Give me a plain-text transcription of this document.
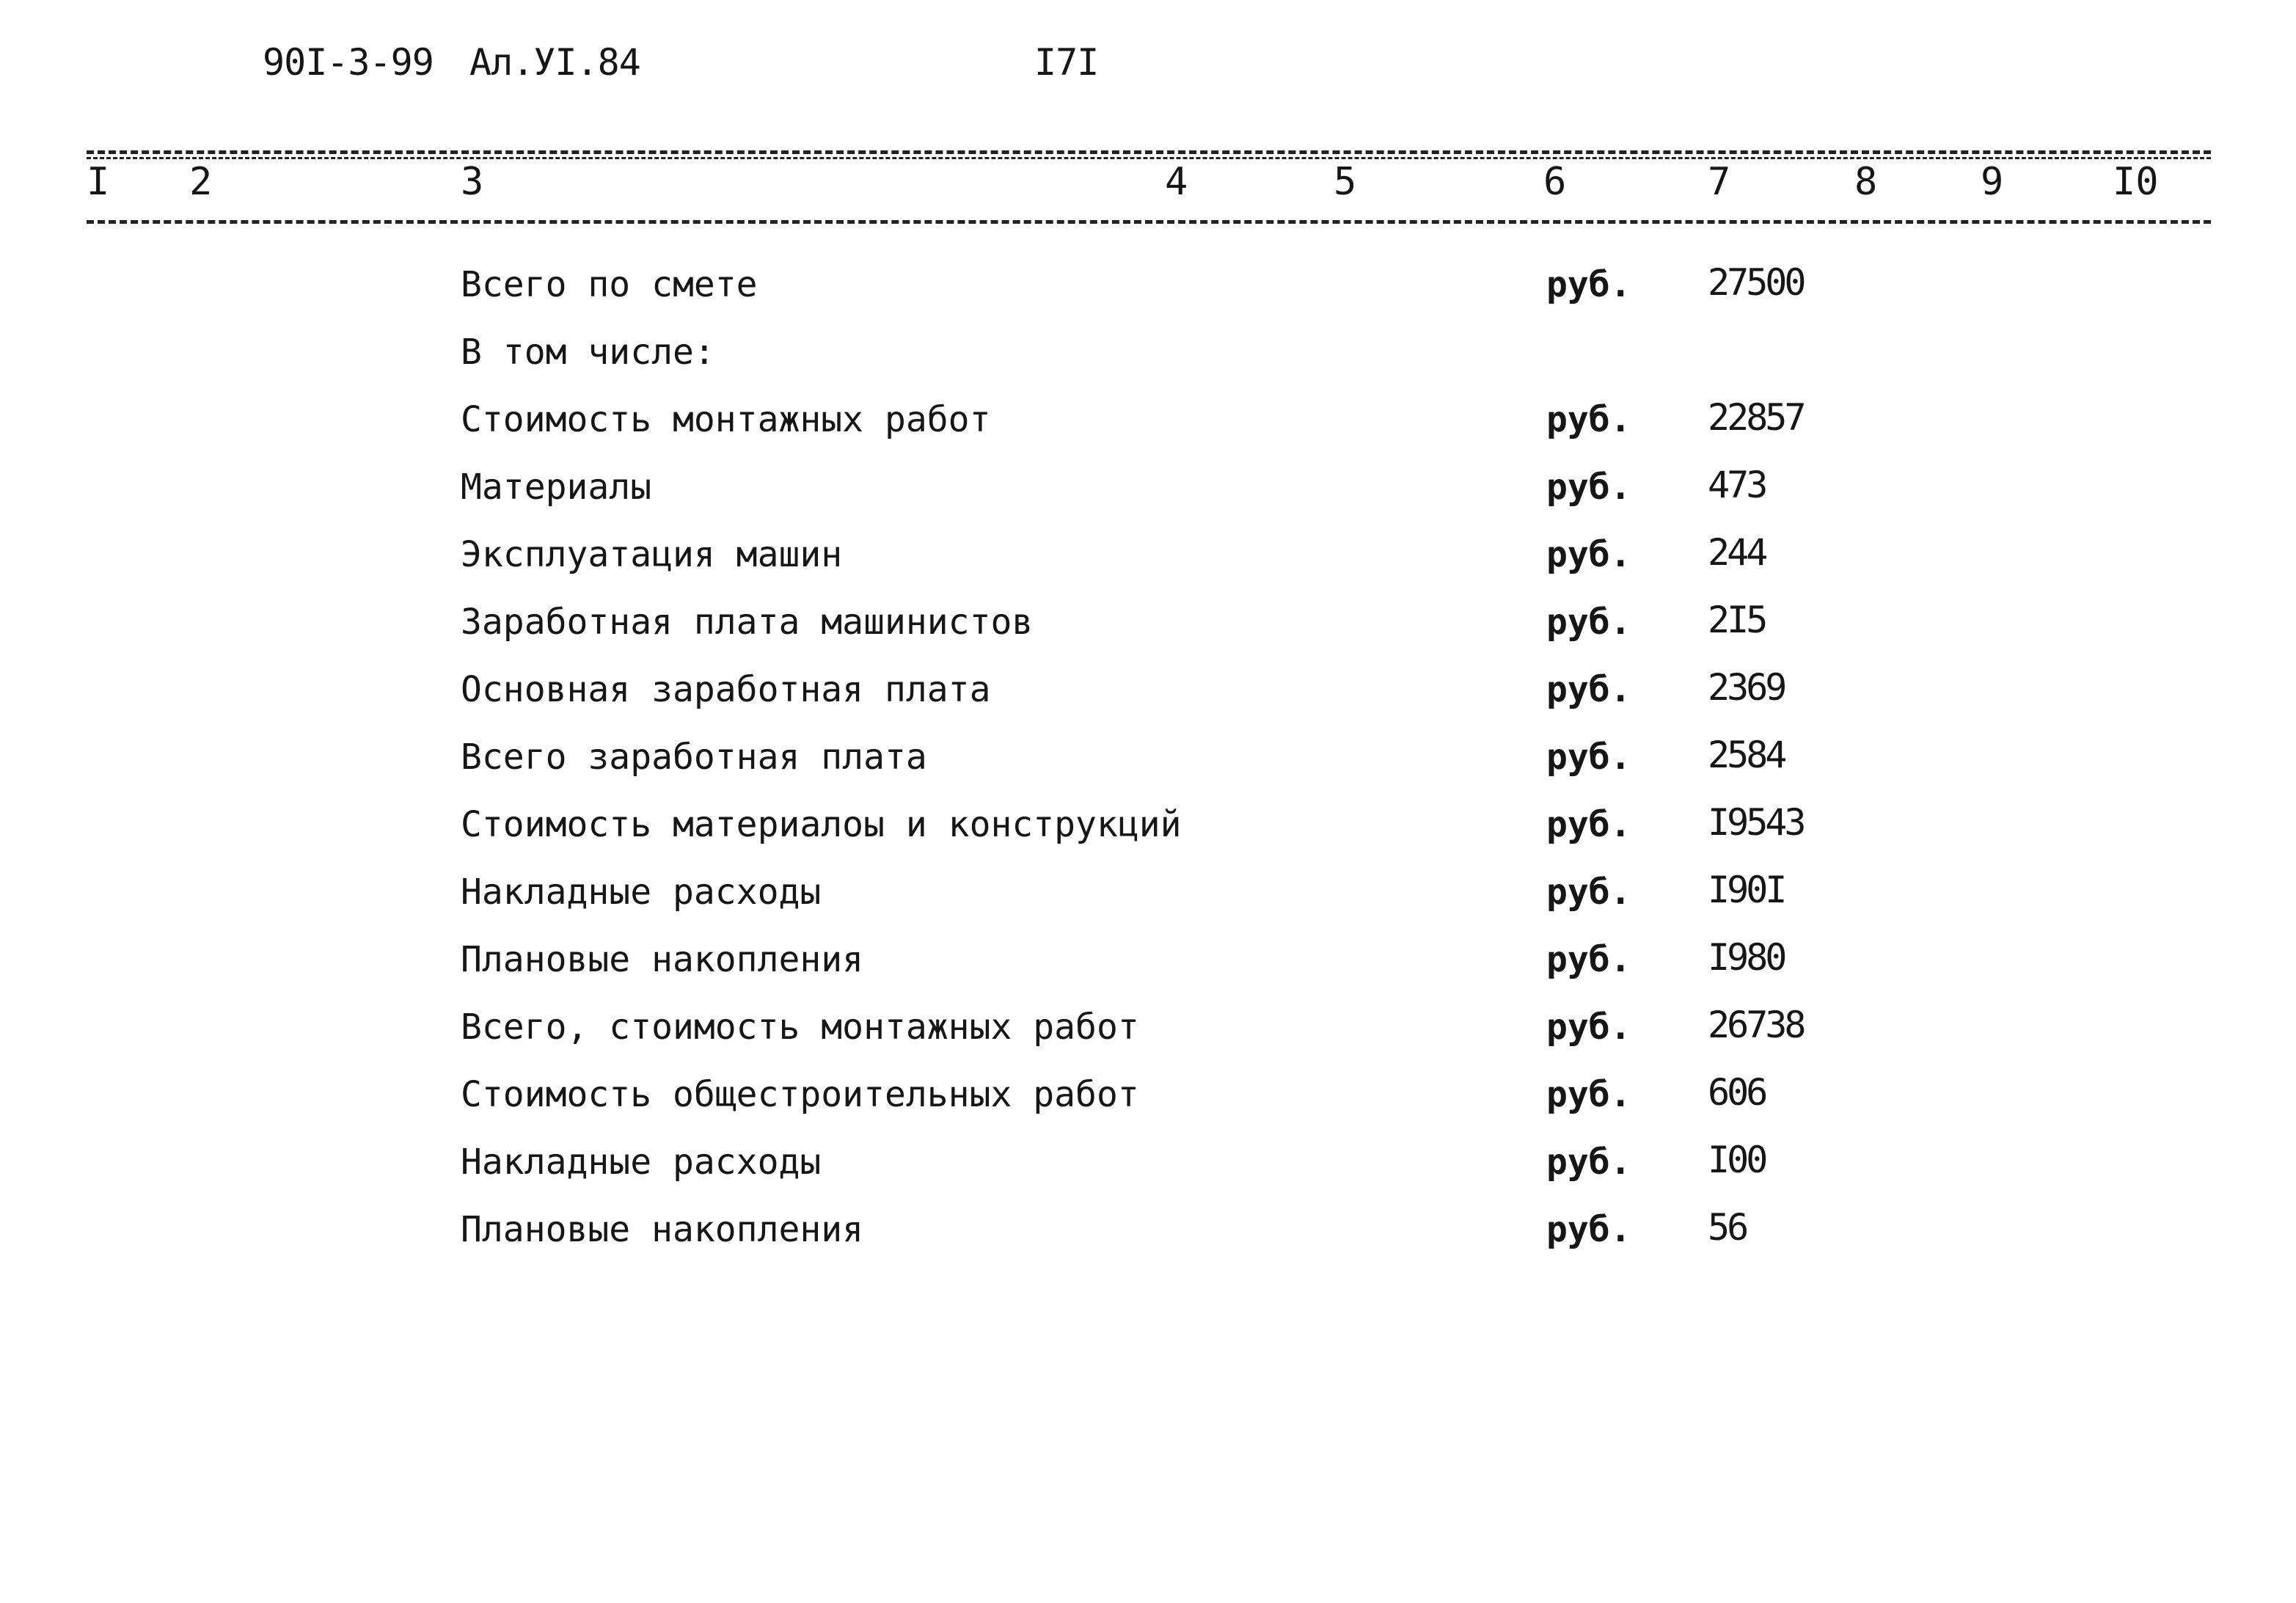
90I-3-99 Ал.УI.84	I7I
I 2	3	4	5	6	7	8	9	I0
Всего по смете	руб. 27500
В том числе:
Стоимость монтажных работ	руб. 22857
Материалы	руб. 473
Эксплуатация машин	руб. 244
Заработная плата машинистов	руб. 2I5
Основная заработная плата	руб. 2369
Всего заработная плата	руб. 2584
Стоимость материалоы и конструкций	руб. I9543
Накладные расходы	руб. I90I
Плановые накопления	руб. I980
Всего, стоимость монтажных работ	руб. 26738
Стоимость общестроительных работ	руб. 606
Накладные расходы	руб. I00
Плановые накопления	руб. 56
